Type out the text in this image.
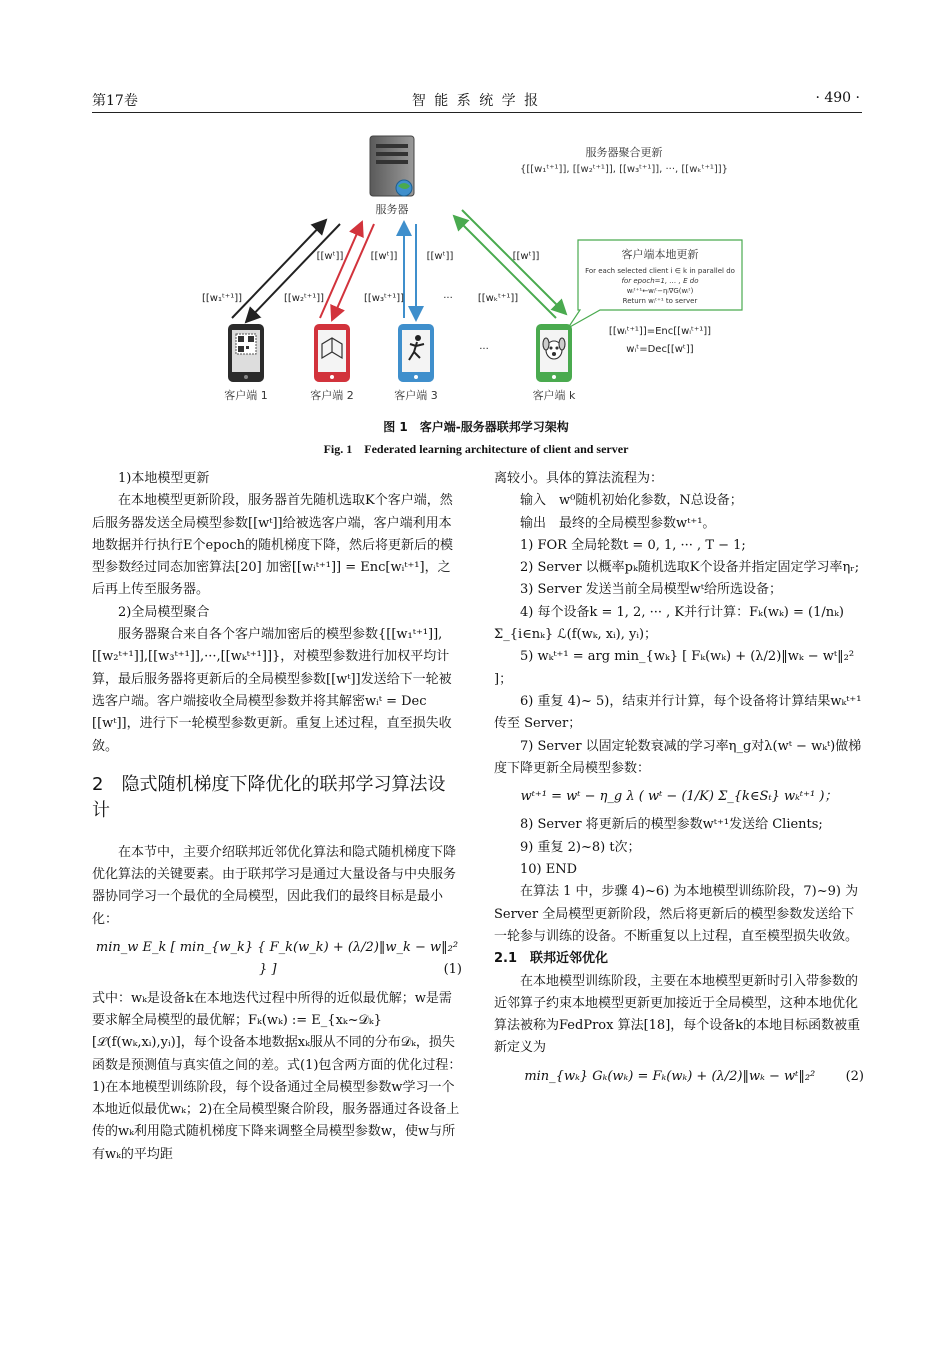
第17卷	智 能 系 统 学 报	· 490 ·
服务器
服务器聚合更新
{[[w₁ᵗ⁺¹]], [[w₂ᵗ⁺¹]], [[w₃ᵗ⁺¹]], ···, [[wₖᵗ⁺¹]]}
[[wᵗ]]	[[wᵗ]]	[[wᵗ]]	[[wᵗ]]
[[w₁ᵗ⁺¹]]	[[w₂ᵗ⁺¹]]	[[w₃ᵗ⁺¹]]	···	[[wₖᵗ⁺¹]]
···
客户端本地更新
For each selected client i ∈ k in parallel do
for epoch=1, … , E do
wᵢᵗ⁺¹←wᵢᵗ−ηᵢ∇G(wᵢᵗ)
Return wᵢᵗ⁺¹ to server
[[wᵢᵗ⁺¹]]=Enc[[wᵢᵗ⁺¹]]
wᵢᵗ=Dec[[wᵗ]]
客户端 1	客户端 2	客户端 3	客户端 k
图 1　客户端-服务器联邦学习架构
Fig. 1　Federated learning architecture of client and server

1)本地模型更新

在本地模型更新阶段，服务器首先随机选取K个客户端，然后服务器发送全局模型参数[[wᵗ]]给被选客户端，客户端利用本地数据并行执行E个epoch的随机梯度下降，然后将更新后的模型参数经过同态加密算法[20] 加密[[wᵢᵗ⁺¹]] = Enc[wᵢᵗ⁺¹]，之后再上传至服务器。

2)全局模型聚合

服务器聚合来自各个客户端加密后的模型参数{[[w₁ᵗ⁺¹]],[[w₂ᵗ⁺¹]],[[w₃ᵗ⁺¹]],···,[[wₖᵗ⁺¹]]}，对模型参数进行加权平均计算，最后服务器将更新后的全局模型参数[[wᵗ]]发送给下一轮被选客户端。客户端接收全局模型参数并将其解密wᵢᵗ = Dec [[wᵗ]]，进行下一轮模型参数更新。重复上述过程，直至损失收敛。

2　隐式随机梯度下降优化的联邦学习算法设计

在本节中，主要介绍联邦近邻优化算法和隐式随机梯度下降优化算法的关键要素。由于联邦学习是通过大量设备与中央服务器协同学习一个最优的全局模型，因此我们的最终目标是最小化：

min_w E_k [ min_{w_k} { F_k(w_k) + (λ/2)‖w_k − w‖₂² } ]	(1)

式中：wₖ是设备k在本地迭代过程中所得的近似最优解；w是需要求解全局模型的最优解；Fₖ(wₖ) := E_{xₖ~𝒟ₖ}[ℒ(f(wₖ,xᵢ),yᵢ)]，每个设备本地数据xₖ服从不同的分布𝒟ₖ，损失函数是预测值与真实值之间的差。式(1)包含两方面的优化过程：1)在本地模型训练阶段，每个设备通过全局模型参数w学习一个本地近似最优wₖ；2)在全局模型聚合阶段，服务器通过各设备上传的wₖ利用隐式随机梯度下降来调整全局模型参数w，使w与所有wₖ的平均距

离较小。具体的算法流程为：

输入　w⁰随机初始化参数，N总设备；

输出　最终的全局模型参数wᵗ⁺¹。

1) FOR 全局轮数t = 0, 1, ··· , T − 1;

2) Server 以概率pₖ随机选取K个设备并指定固定学习率ηᵣ;

3) Server 发送当前全局模型wᵗ给所选设备；

4) 每个设备k = 1, 2, ··· , K并行计算：Fₖ(wₖ) = (1/nₖ) Σ_{i∈nₖ} ℒ(f(wₖ, xᵢ), yᵢ)；

5) wₖᵗ⁺¹ = arg min_{wₖ} [ Fₖ(wₖ) + (λ/2)‖wₖ − wᵗ‖₂² ]；

6) 重复 4)~ 5)，结束并行计算，每个设备将计算结果wₖᵗ⁺¹传至 Server；

7) Server 以固定轮数衰减的学习率η_g对λ(wᵗ − wₖᵗ)做梯度下降更新全局模型参数：

wᵗ⁺¹ = wᵗ − η_g λ ( wᵗ − (1/K) Σ_{k∈Sₜ} wₖᵗ⁺¹ )；

8) Server 将更新后的模型参数wᵗ⁺¹发送给 Clients;

9) 重复 2)~8) t次；

10) END

在算法 1 中，步骤 4)~6) 为本地模型训练阶段，7)~9) 为 Server 全局模型更新阶段，然后将更新后的模型参数发送给下一轮参与训练的设备。不断重复以上过程，直至模型损失收敛。

2.1　联邦近邻优化

在本地模型训练阶段，主要在本地模型更新时引入带参数的近邻算子约束本地模型更新更加接近于全局模型，这种本地优化算法被称为FedProx 算法[18]，每个设备k的本地目标函数被重新定义为

min_{wₖ} Gₖ(wₖ) = Fₖ(wₖ) + (λ/2)‖wₖ − wᵗ‖₂² (2)
